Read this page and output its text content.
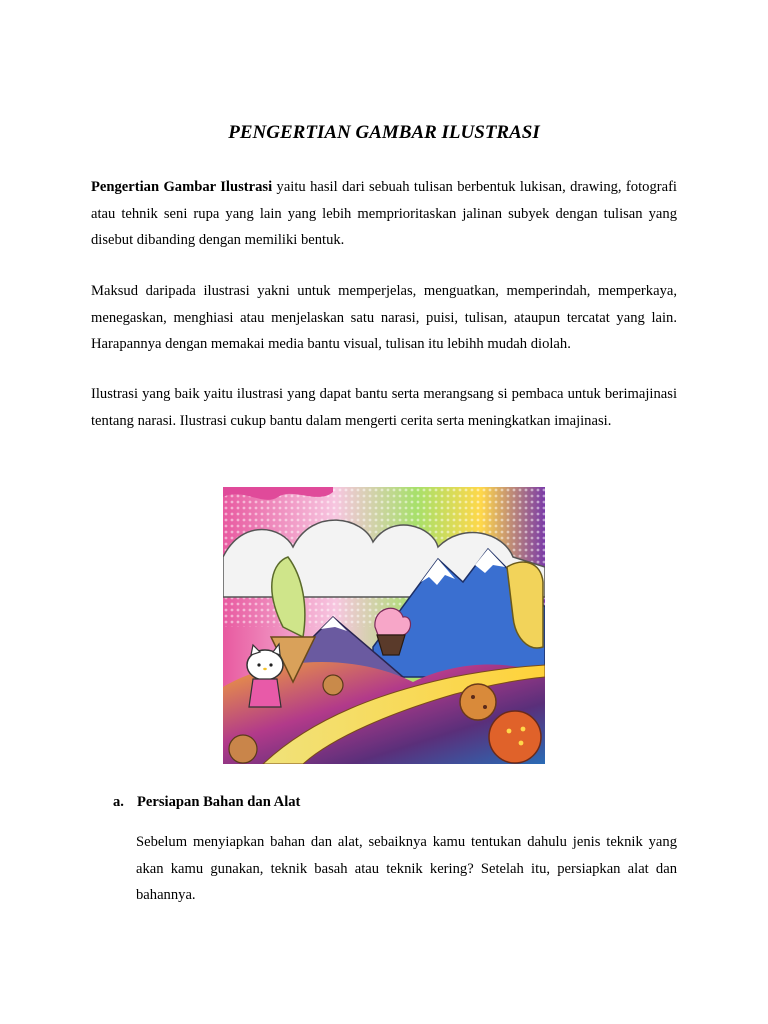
PENGERTIAN GAMBAR ILUSTRASI

Pengertian Gambar Ilustrasi yaitu hasil dari sebuah tulisan berbentuk lukisan, drawing, fotografi atau tehnik seni rupa yang lain yang lebih memprioritaskan jalinan subyek dengan tulisan yang disebut dibanding dengan memiliki bentuk.

Maksud daripada ilustrasi yakni untuk memperjelas, menguatkan, memperindah, memperkaya, menegaskan, menghiasi atau menjelaskan satu narasi, puisi, tulisan, ataupun tercatat yang lain. Harapannya dengan memakai media bantu visual, tulisan itu lebihh mudah diolah.

Ilustrasi yang baik yaitu ilustrasi yang dapat bantu serta merangsang si pembaca untuk berimajinasi tentang narasi. Ilustrasi cukup bantu dalam mengerti cerita serta meningkatkan imajinasi.

a. Persiapan Bahan dan Alat

Sebelum menyiapkan bahan dan alat, sebaiknya kamu tentukan dahulu jenis teknik yang akan kamu gunakan, teknik basah atau teknik kering? Setelah itu, persiapkan alat dan bahannya.
